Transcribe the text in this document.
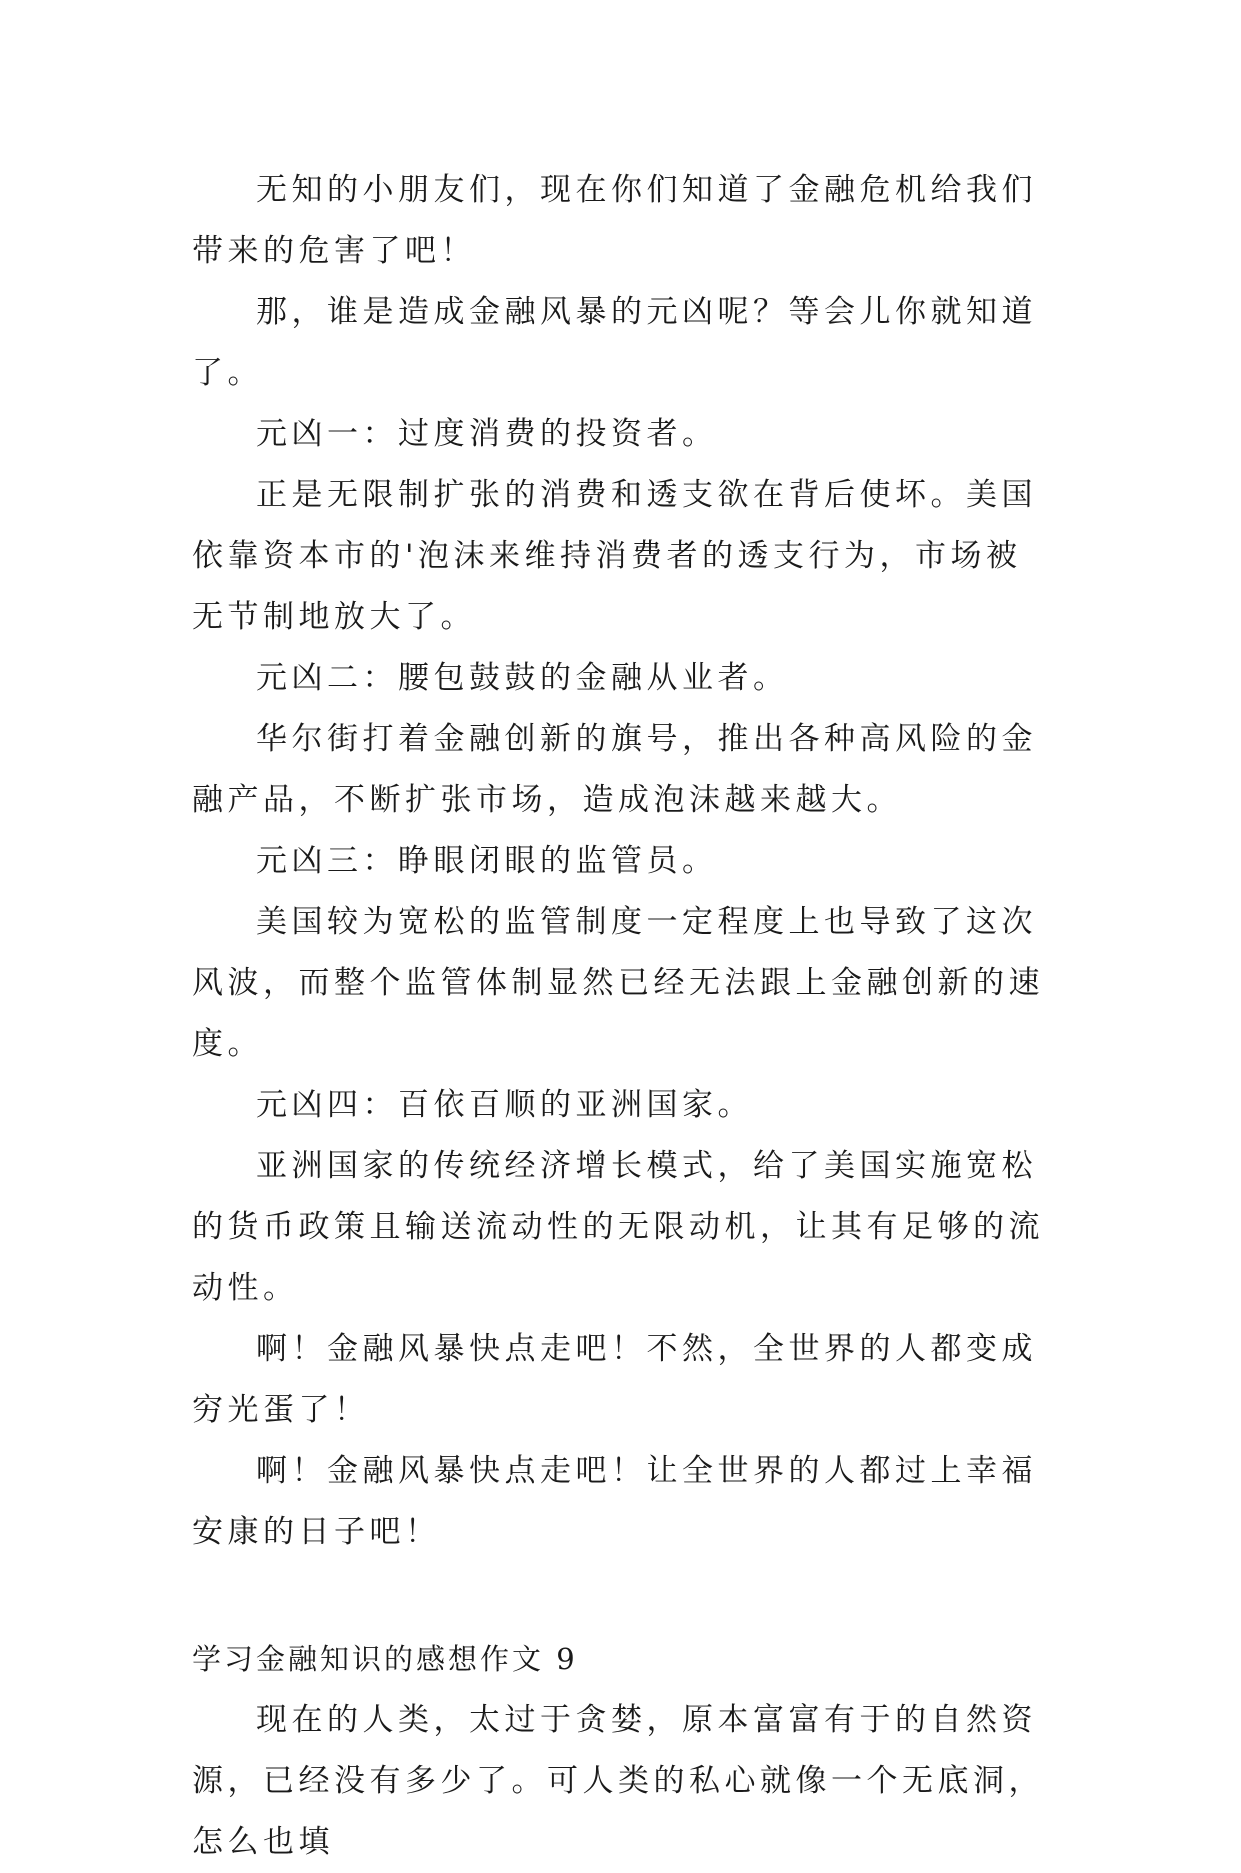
无知的小朋友们，现在你们知道了金融危机给我们带来的危害了吧！

那，谁是造成金融风暴的元凶呢？等会儿你就知道了。

元凶一：过度消费的投资者。

正是无限制扩张的消费和透支欲在背后使坏。美国依靠资本市的'泡沫来维持消费者的透支行为，市场被无节制地放大了。

元凶二：腰包鼓鼓的金融从业者。

华尔街打着金融创新的旗号，推出各种高风险的金融产品，不断扩张市场，造成泡沫越来越大。

元凶三：睁眼闭眼的监管员。

美国较为宽松的监管制度一定程度上也导致了这次风波，而整个监管体制显然已经无法跟上金融创新的速度。

元凶四：百依百顺的亚洲国家。

亚洲国家的传统经济增长模式，给了美国实施宽松的货币政策且输送流动性的无限动机，让其有足够的流动性。

啊！金融风暴快点走吧！不然，全世界的人都变成穷光蛋了！

啊！金融风暴快点走吧！让全世界的人都过上幸福安康的日子吧！

学习金融知识的感想作文 9

现在的人类，太过于贪婪，原本富富有于的自然资源，已经没有多少了。可人类的私心就像一个无底洞，怎么也填
